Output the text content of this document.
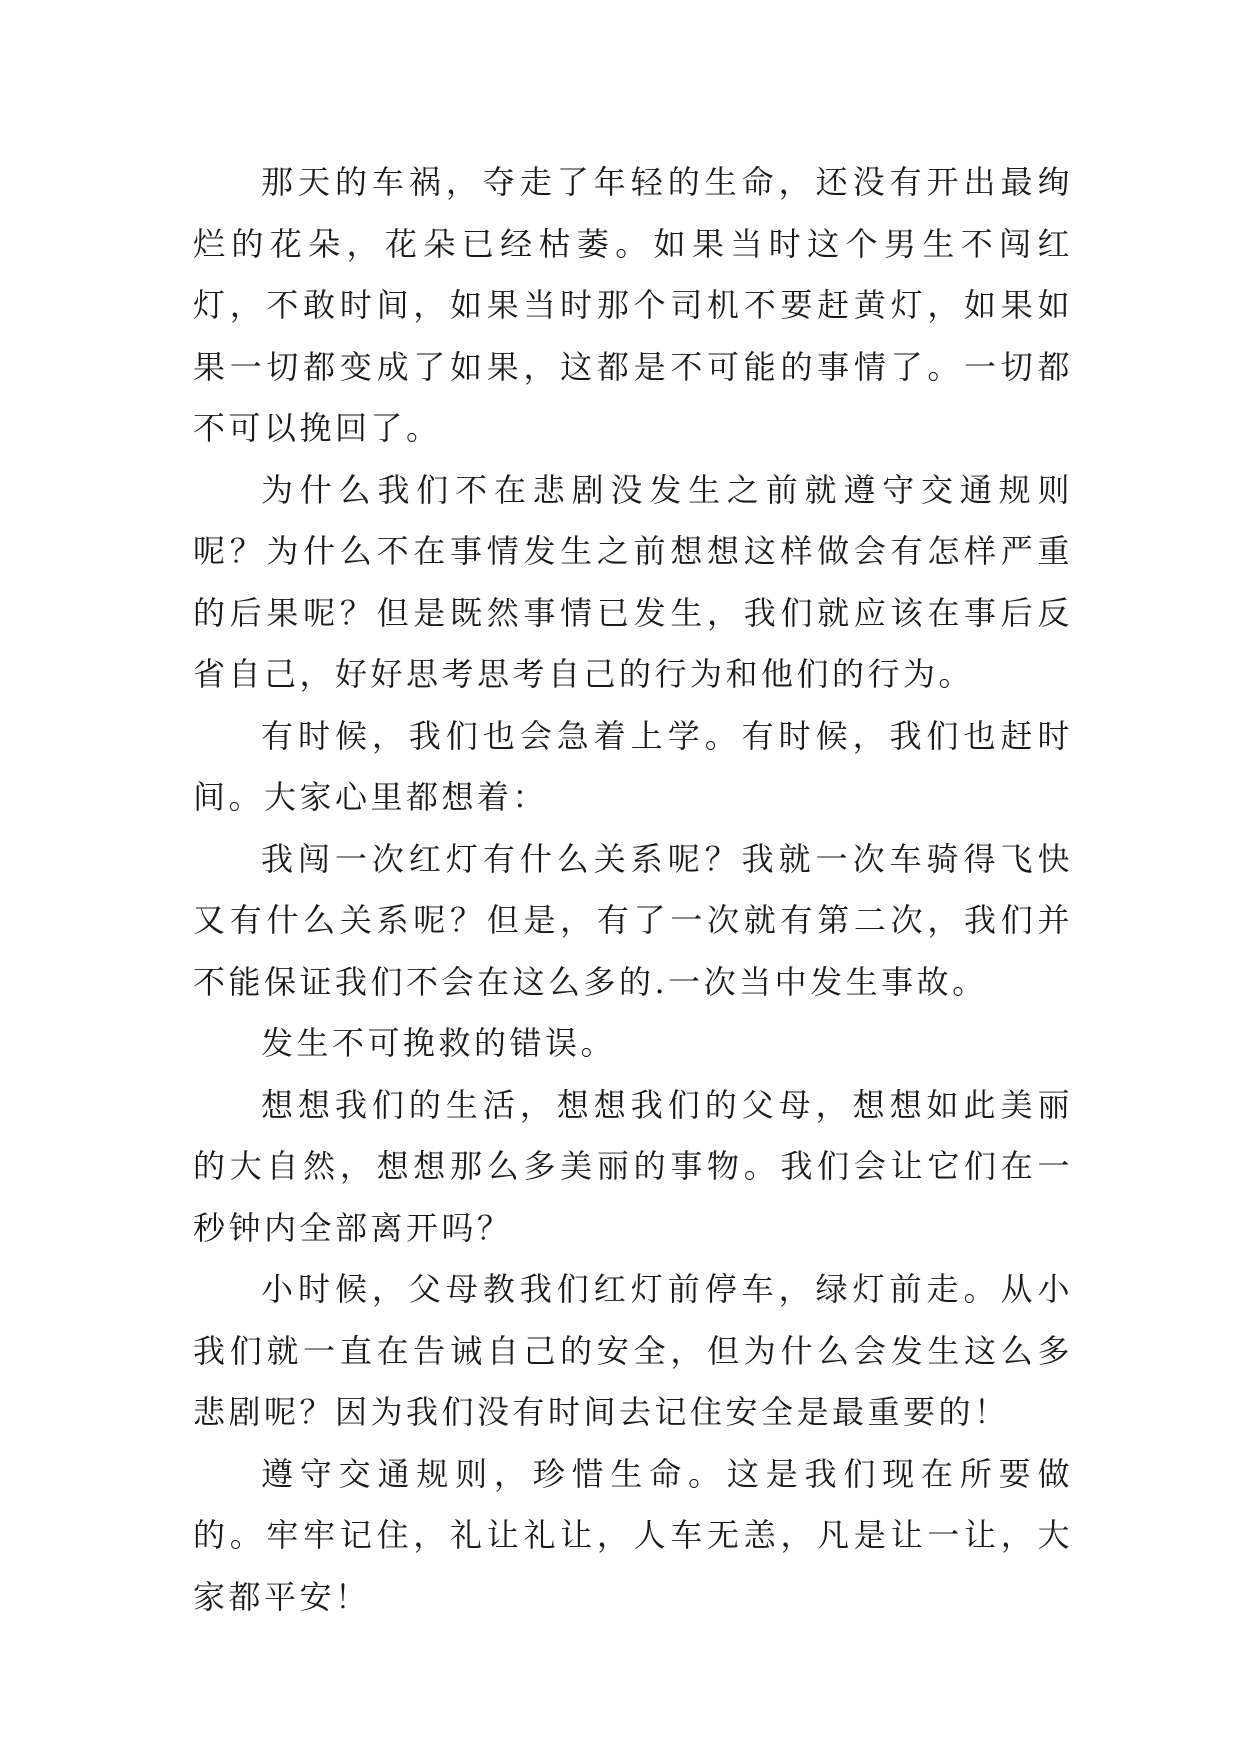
那天的车祸，夺走了年轻的生命，还没有开出最绚烂的花朵，花朵已经枯萎。如果当时这个男生不闯红灯，不敢时间，如果当时那个司机不要赶黄灯，如果如果一切都变成了如果，这都是不可能的事情了。一切都不可以挽回了。

为什么我们不在悲剧没发生之前就遵守交通规则呢？为什么不在事情发生之前想想这样做会有怎样严重的后果呢？但是既然事情已发生，我们就应该在事后反省自己，好好思考思考自己的行为和他们的行为。

有时候，我们也会急着上学。有时候，我们也赶时间。大家心里都想着：

我闯一次红灯有什么关系呢？我就一次车骑得飞快又有什么关系呢？但是，有了一次就有第二次，我们并不能保证我们不会在这么多的.一次当中发生事故。

发生不可挽救的错误。

想想我们的生活，想想我们的父母，想想如此美丽的大自然，想想那么多美丽的事物。我们会让它们在一秒钟内全部离开吗？

小时候，父母教我们红灯前停车，绿灯前走。从小我们就一直在告诫自己的安全，但为什么会发生这么多悲剧呢？因为我们没有时间去记住安全是最重要的！

遵守交通规则，珍惜生命。这是我们现在所要做的。牢牢记住，礼让礼让，人车无恙，凡是让一让，大家都平安！
